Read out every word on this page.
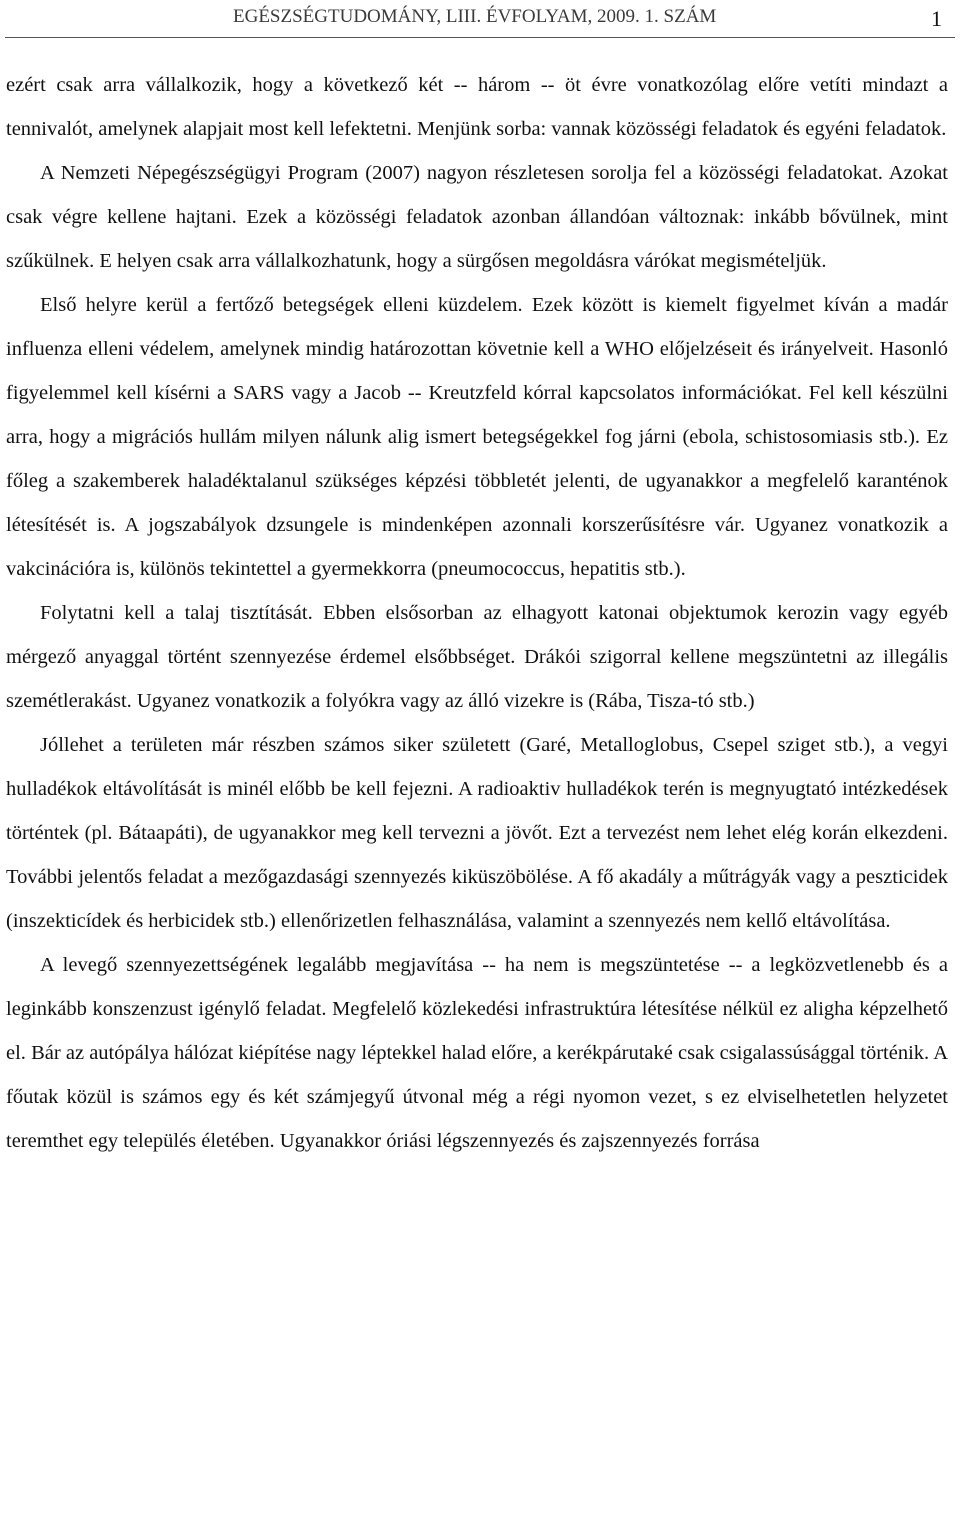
EGÉSZSÉGTUDOMÁNY, LIII. ÉVFOLYAM, 2009. 1. SZÁM	1

ezért csak arra vállalkozik, hogy a következő két -- három -- öt évre vonatkozólag előre vetíti mindazt a tennivalót, amelynek alapjait most kell lefektetni. Menjünk sorba: vannak közösségi feladatok és egyéni feladatok.

A Nemzeti Népegészségügyi Program (2007) nagyon részletesen sorolja fel a közösségi feladatokat. Azokat csak végre kellene hajtani. Ezek a közösségi feladatok azonban állandóan változnak: inkább bővülnek, mint szűkülnek. E helyen csak arra vállalkozhatunk, hogy a sürgősen megoldásra várókat megismételjük.

Első helyre kerül a fertőző betegségek elleni küzdelem. Ezek között is kiemelt figyelmet kíván a madár influenza elleni védelem, amelynek mindig határozottan követnie kell a WHO előjelzéseit és irányelveit. Hasonló figyelemmel kell kísérni a SARS vagy a Jacob -- Kreutzfeld kórral kapcsolatos információkat. Fel kell készülni arra, hogy a migrációs hullám milyen nálunk alig ismert betegségekkel fog járni (ebola, schistosomiasis stb.). Ez főleg a szakemberek haladéktalanul szükséges képzési többletét jelenti, de ugyanakkor a megfelelő karanténok létesítését is. A jogszabályok dzsungele is mindenképen azonnali korszerűsítésre vár. Ugyanez vonatkozik a vakcinációra is, különös tekintettel a gyermekkorra (pneumococcus, hepatitis stb.).

Folytatni kell a talaj tisztítását. Ebben elsősorban az elhagyott katonai objektumok kerozin vagy egyéb mérgező anyaggal történt szennyezése érdemel elsőbbséget. Drákói szigorral kellene megszüntetni az illegális szemétlerakást. Ugyanez vonatkozik a folyókra vagy az álló vizekre is (Rába, Tisza-tó stb.)

Jóllehet a területen már részben számos siker született (Garé, Metalloglobus, Csepel sziget stb.), a vegyi hulladékok eltávolítását is minél előbb be kell fejezni. A radioaktiv hulladékok terén is megnyugtató intézkedések történtek (pl. Bátaapáti), de ugyanakkor meg kell tervezni a jövőt. Ezt a tervezést nem lehet elég korán elkezdeni. További jelentős feladat a mezőgazdasági szennyezés kiküszöbölése. A fő akadály a műtrágyák vagy a peszticidek (inszekticídek és herbicidek stb.) ellenőrizetlen felhasználása, valamint a szennyezés nem kellő eltávolítása.

A levegő szennyezettségének legalább megjavítása -- ha nem is megszüntetése -- a legközvetlenebb és a leginkább konszenzust igénylő feladat. Megfelelő közlekedési infrastruktúra létesítése nélkül ez aligha képzelhető el. Bár az autópálya hálózat kiépítése nagy léptekkel halad előre, a kerékpárutaké csak csigalassúsággal történik. A főutak közül is számos egy és két számjegyű útvonal még a régi nyomon vezet, s ez elviselhetetlen helyzetet teremthet egy település életében. Ugyanakkor óriási légszennyezés és zajszennyezés forrása
